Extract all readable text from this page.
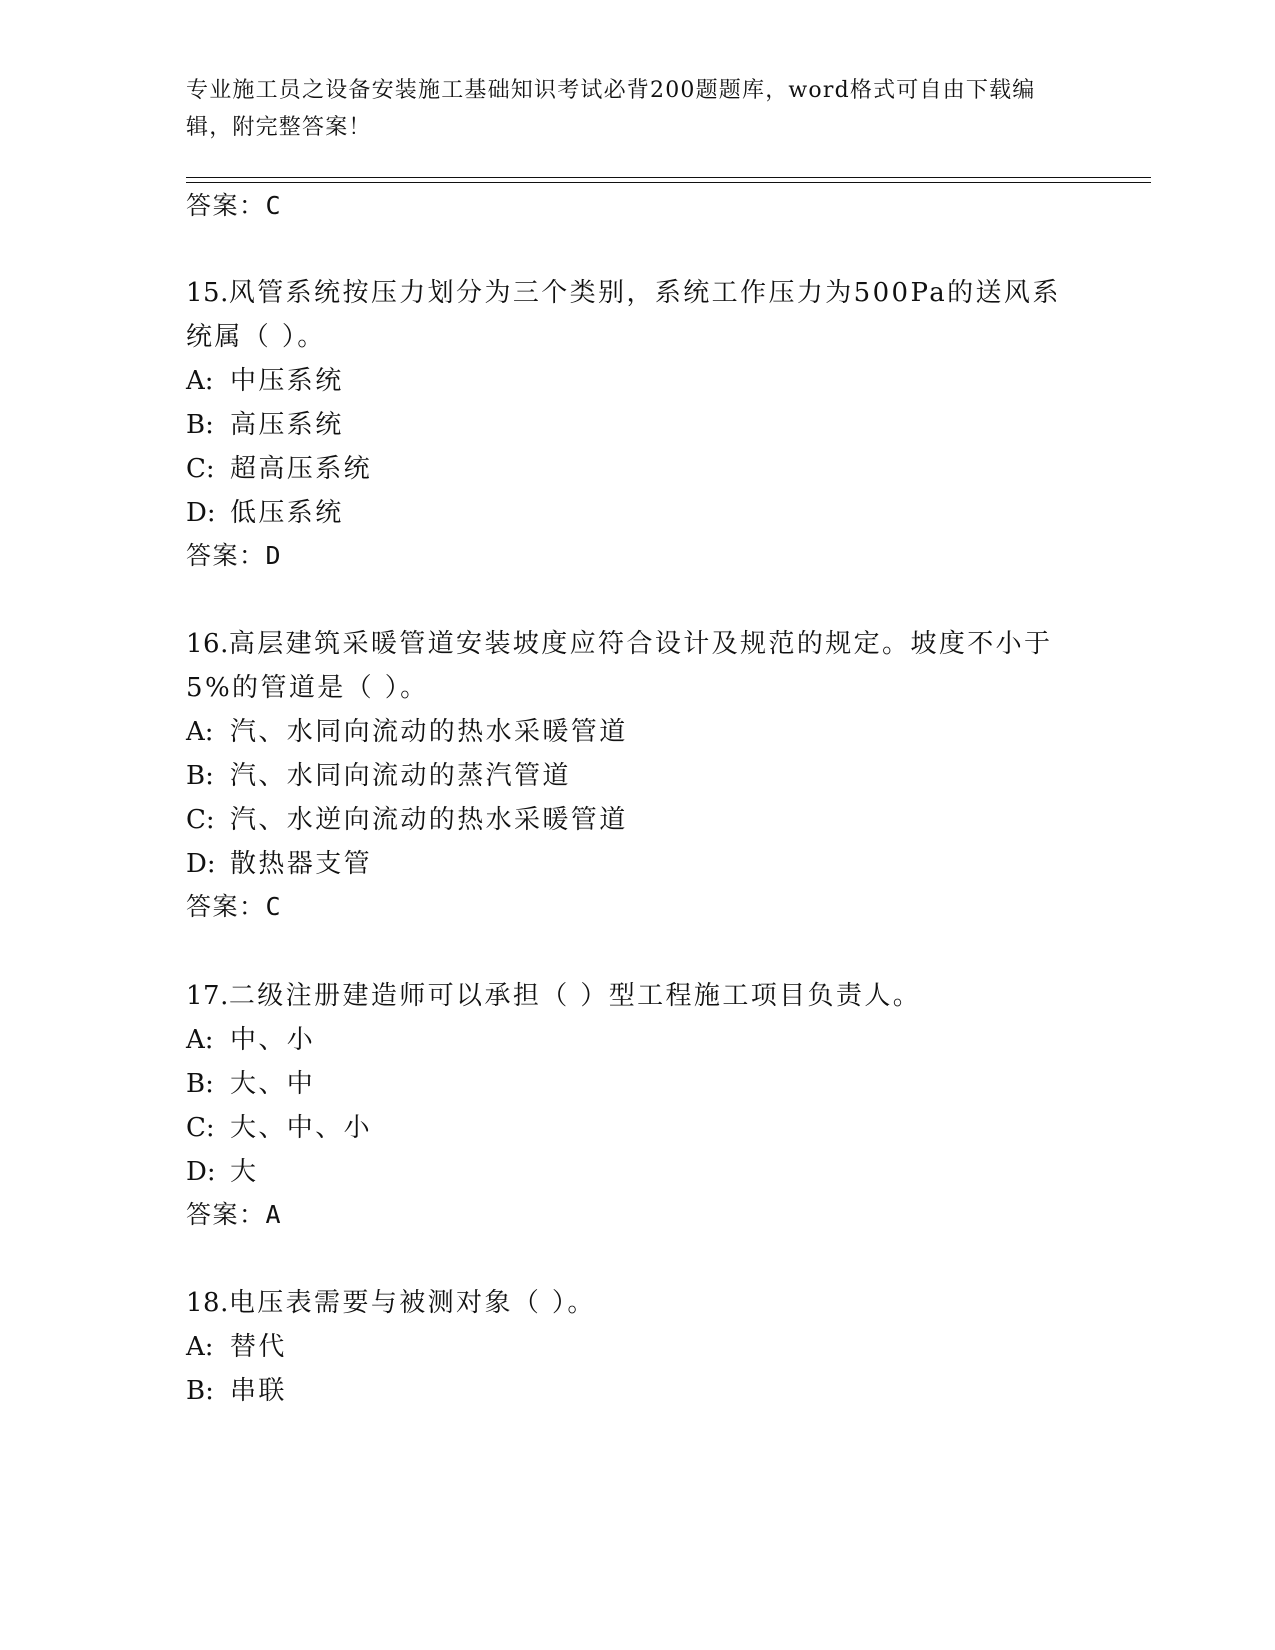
专业施工员之设备安装施工基础知识考试必背200题题库，word格式可自由下载编辑，附完整答案！
答案：C
15.风管系统按压力划分为三个类别，系统工作压力为500Pa的送风系
统属（ ）。
A: 中压系统
B: 高压系统
C: 超高压系统
D: 低压系统
答案：D
16.高层建筑采暖管道安装坡度应符合设计及规范的规定。坡度不小于
5%的管道是（ ）。
A: 汽、水同向流动的热水采暖管道
B: 汽、水同向流动的蒸汽管道
C: 汽、水逆向流动的热水采暖管道
D: 散热器支管
答案：C
17.二级注册建造师可以承担（ ）型工程施工项目负责人。
A: 中、小
B: 大、中
C: 大、中、小
D: 大
答案：A
18.电压表需要与被测对象（ ）。
A: 替代
B: 串联
